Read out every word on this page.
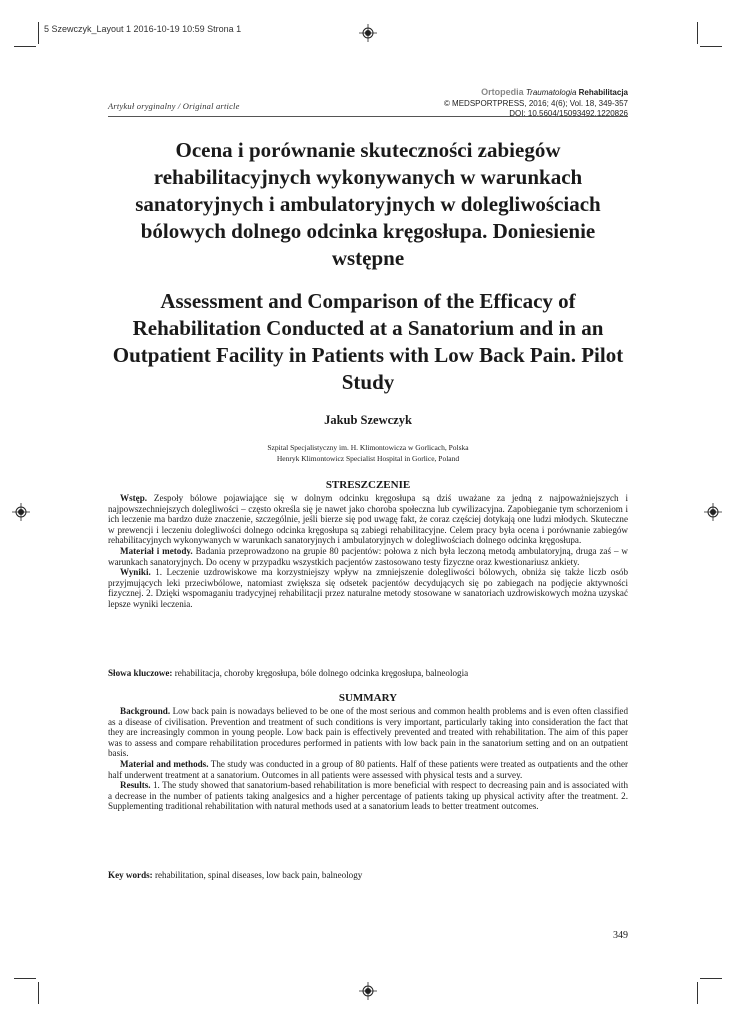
5 Szewczyk_Layout 1 2016-10-19 10:59 Strona 1
Ortopedia Traumatologia Rehabilitacja
© MEDSPORTPRESS, 2016; 4(6); Vol. 18, 349-357
DOI: 10.5604/15093492.1220826
Artykuł oryginalny / Original article
Ocena i porównanie skuteczności zabiegów rehabilitacyjnych wykonywanych w warunkach sanatoryjnych i ambulatoryjnych w dolegliwościach bólowych dolnego odcinka kręgosłupa. Doniesienie wstępne
Assessment and Comparison of the Efficacy of Rehabilitation Conducted at a Sanatorium and in an Outpatient Facility in Patients with Low Back Pain. Pilot Study
Jakub Szewczyk
Szpital Specjalistyczny im. H. Klimontowicza w Gorlicach, Polska
Henryk Klimontowicz Specialist Hospital in Gorlice, Poland
STRESZCZENIE

Wstęp. Zespoły bólowe pojawiające się w dolnym odcinku kręgosłupa są dziś uważane za jedną z najpoważniejszych i najpowszechniejszych dolegliwości – często określa się je nawet jako choroba społeczna lub cywilizacyjna. Zapobieganie tym schorzeniom i ich leczenie ma bardzo duże znaczenie, szczególnie, jeśli bierze się pod uwagę fakt, że coraz częściej dotykają one ludzi młodych. Skuteczne w prewencji i leczeniu dolegliwości dolnego odcinka kręgosłupa są zabiegi rehabilitacyjne. Celem pracy była ocena i porównanie zabiegów rehabilitacyjnych wykonywanych w warunkach sanatoryjnych i ambulatoryjnych w dolegliwościach dolnego odcinka kręgosłupa.

Materiał i metody. Badania przeprowadzono na grupie 80 pacjentów: połowa z nich była leczoną metodą ambulatoryjną, druga zaś – w warunkach sanatoryjnych. Do oceny w przypadku wszystkich pacjentów zastosowano testy fizyczne oraz kwestionariusz ankiety.

Wyniki. 1. Leczenie uzdrowiskowe ma korzystniejszy wpływ na zmniejszenie dolegliwości bólowych, obniża się także liczb osób przyjmujących leki przeciwbólowe, natomiast zwiększa się odsetek pacjentów decydujących się po zabiegach na podjęcie aktywności fizycznej. 2. Dzięki wspomaganiu tradycyjnej rehabilitacji przez naturalne metody stosowane w sanatoriach uzdrowiskowych można uzyskać lepsze wyniki leczenia.

Słowa kluczowe: rehabilitacja, choroby kręgosłupa, bóle dolnego odcinka kręgosłupa, balneologia
SUMMARY

Background. Low back pain is nowadays believed to be one of the most serious and common health problems and is even often classified as a disease of civilisation. Prevention and treatment of such conditions is very important, particularly taking into consideration the fact that they are increasingly common in young people. Low back pain is effectively prevented and treated with rehabilitation. The aim of this paper was to assess and compare rehabilitation procedures performed in patients with low back pain in the sanatorium setting and on an outpatient basis.

Material and methods. The study was conducted in a group of 80 patients. Half of these patients were treated as outpatients and the other half underwent treatment at a sanatorium. Outcomes in all patients were assessed with physical tests and a survey.

Results. 1. The study showed that sanatorium-based rehabilitation is more beneficial with respect to decreasing pain and is associated with a decrease in the number of patients taking analgesics and a higher percentage of patients taking up physical activity after the treatment. 2. Supplementing traditional rehabilitation with natural methods used at a sanatorium leads to better treatment outcomes.

Key words: rehabilitation, spinal diseases, low back pain, balneology
349
